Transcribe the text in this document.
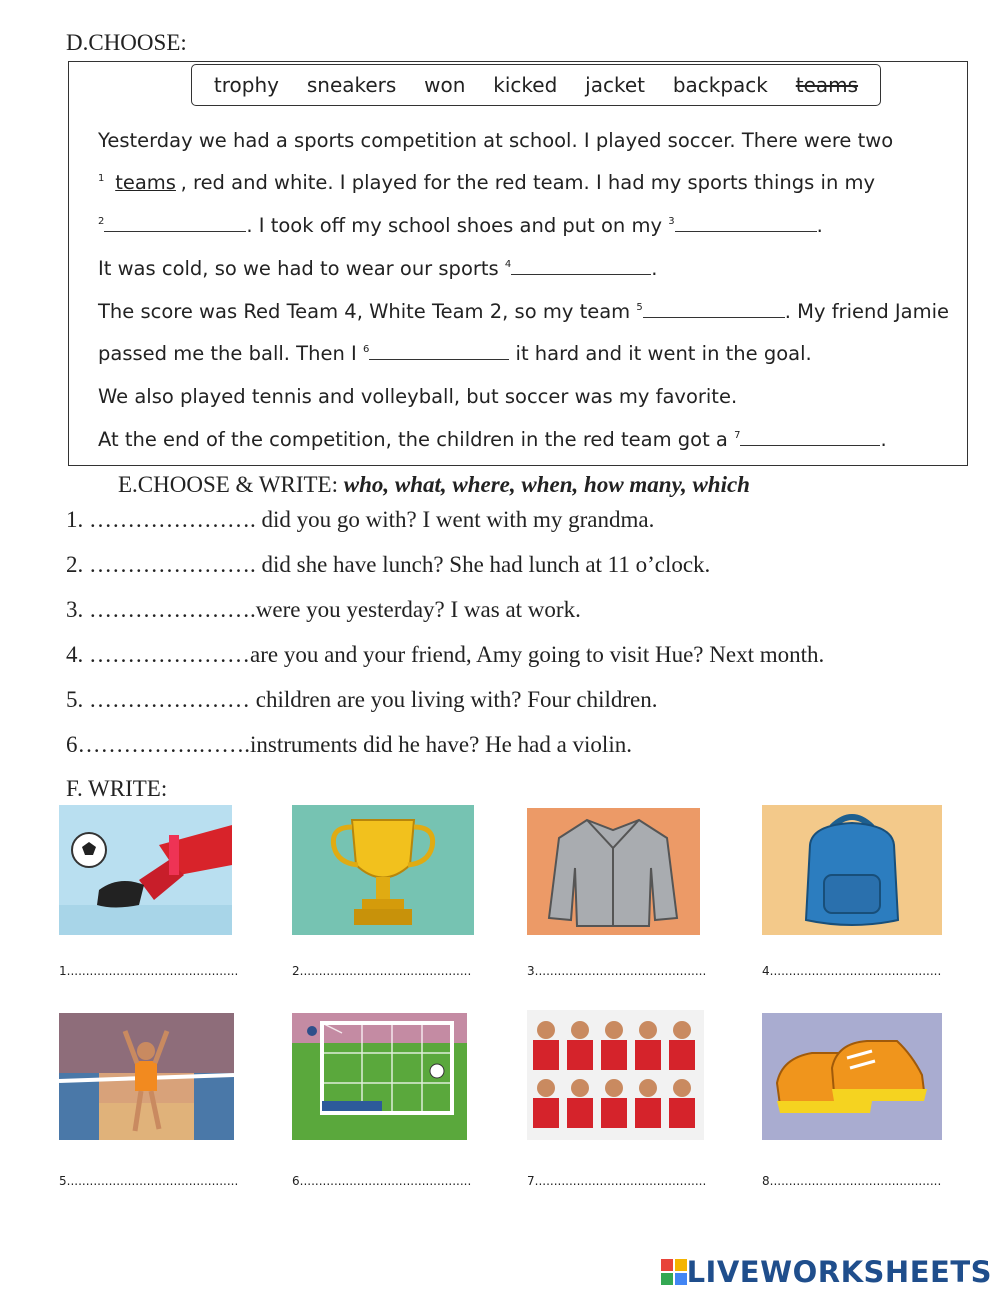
D.CHOOSE:
trophy sneakers won kicked jacket backpack teams
Yesterday we had a sports competition at school. I played soccer. There were two
$^1$ teams , red and white. I played for the red team. I had my sports things in my
$^2$	. I took off my school shoes and put on my $^3$	.
It was cold, so we had to wear our sports $^4$	.
The score was Red Team 4, White Team 2, so my team $^5$	. My friend Jamie
passed me the ball. Then I $^6$	it hard and it went in the goal.
We also played tennis and volleyball, but soccer was my favorite.
At the end of the competition, the children in the red team got a $^7$	.
E.CHOOSE & WRITE: who, what, where, when, how many, which
1. …………………. did you go with? I went with my grandma.
2. …………………. did she have lunch? She had lunch at 11 o’clock.
3. ………………….were you yesterday? I was at work.
4. …………………are you and your friend, Amy going to visit Hue? Next month.
5. ………………… children are you living with? Four children.
6…………….…….instruments did he have? He had a violin.
F. WRITE:
1.............................................	2.............................................	3.............................................	4.............................................
5.............................................	6.............................................	7.............................................	8.............................................
LIVEWORKSHEETS
